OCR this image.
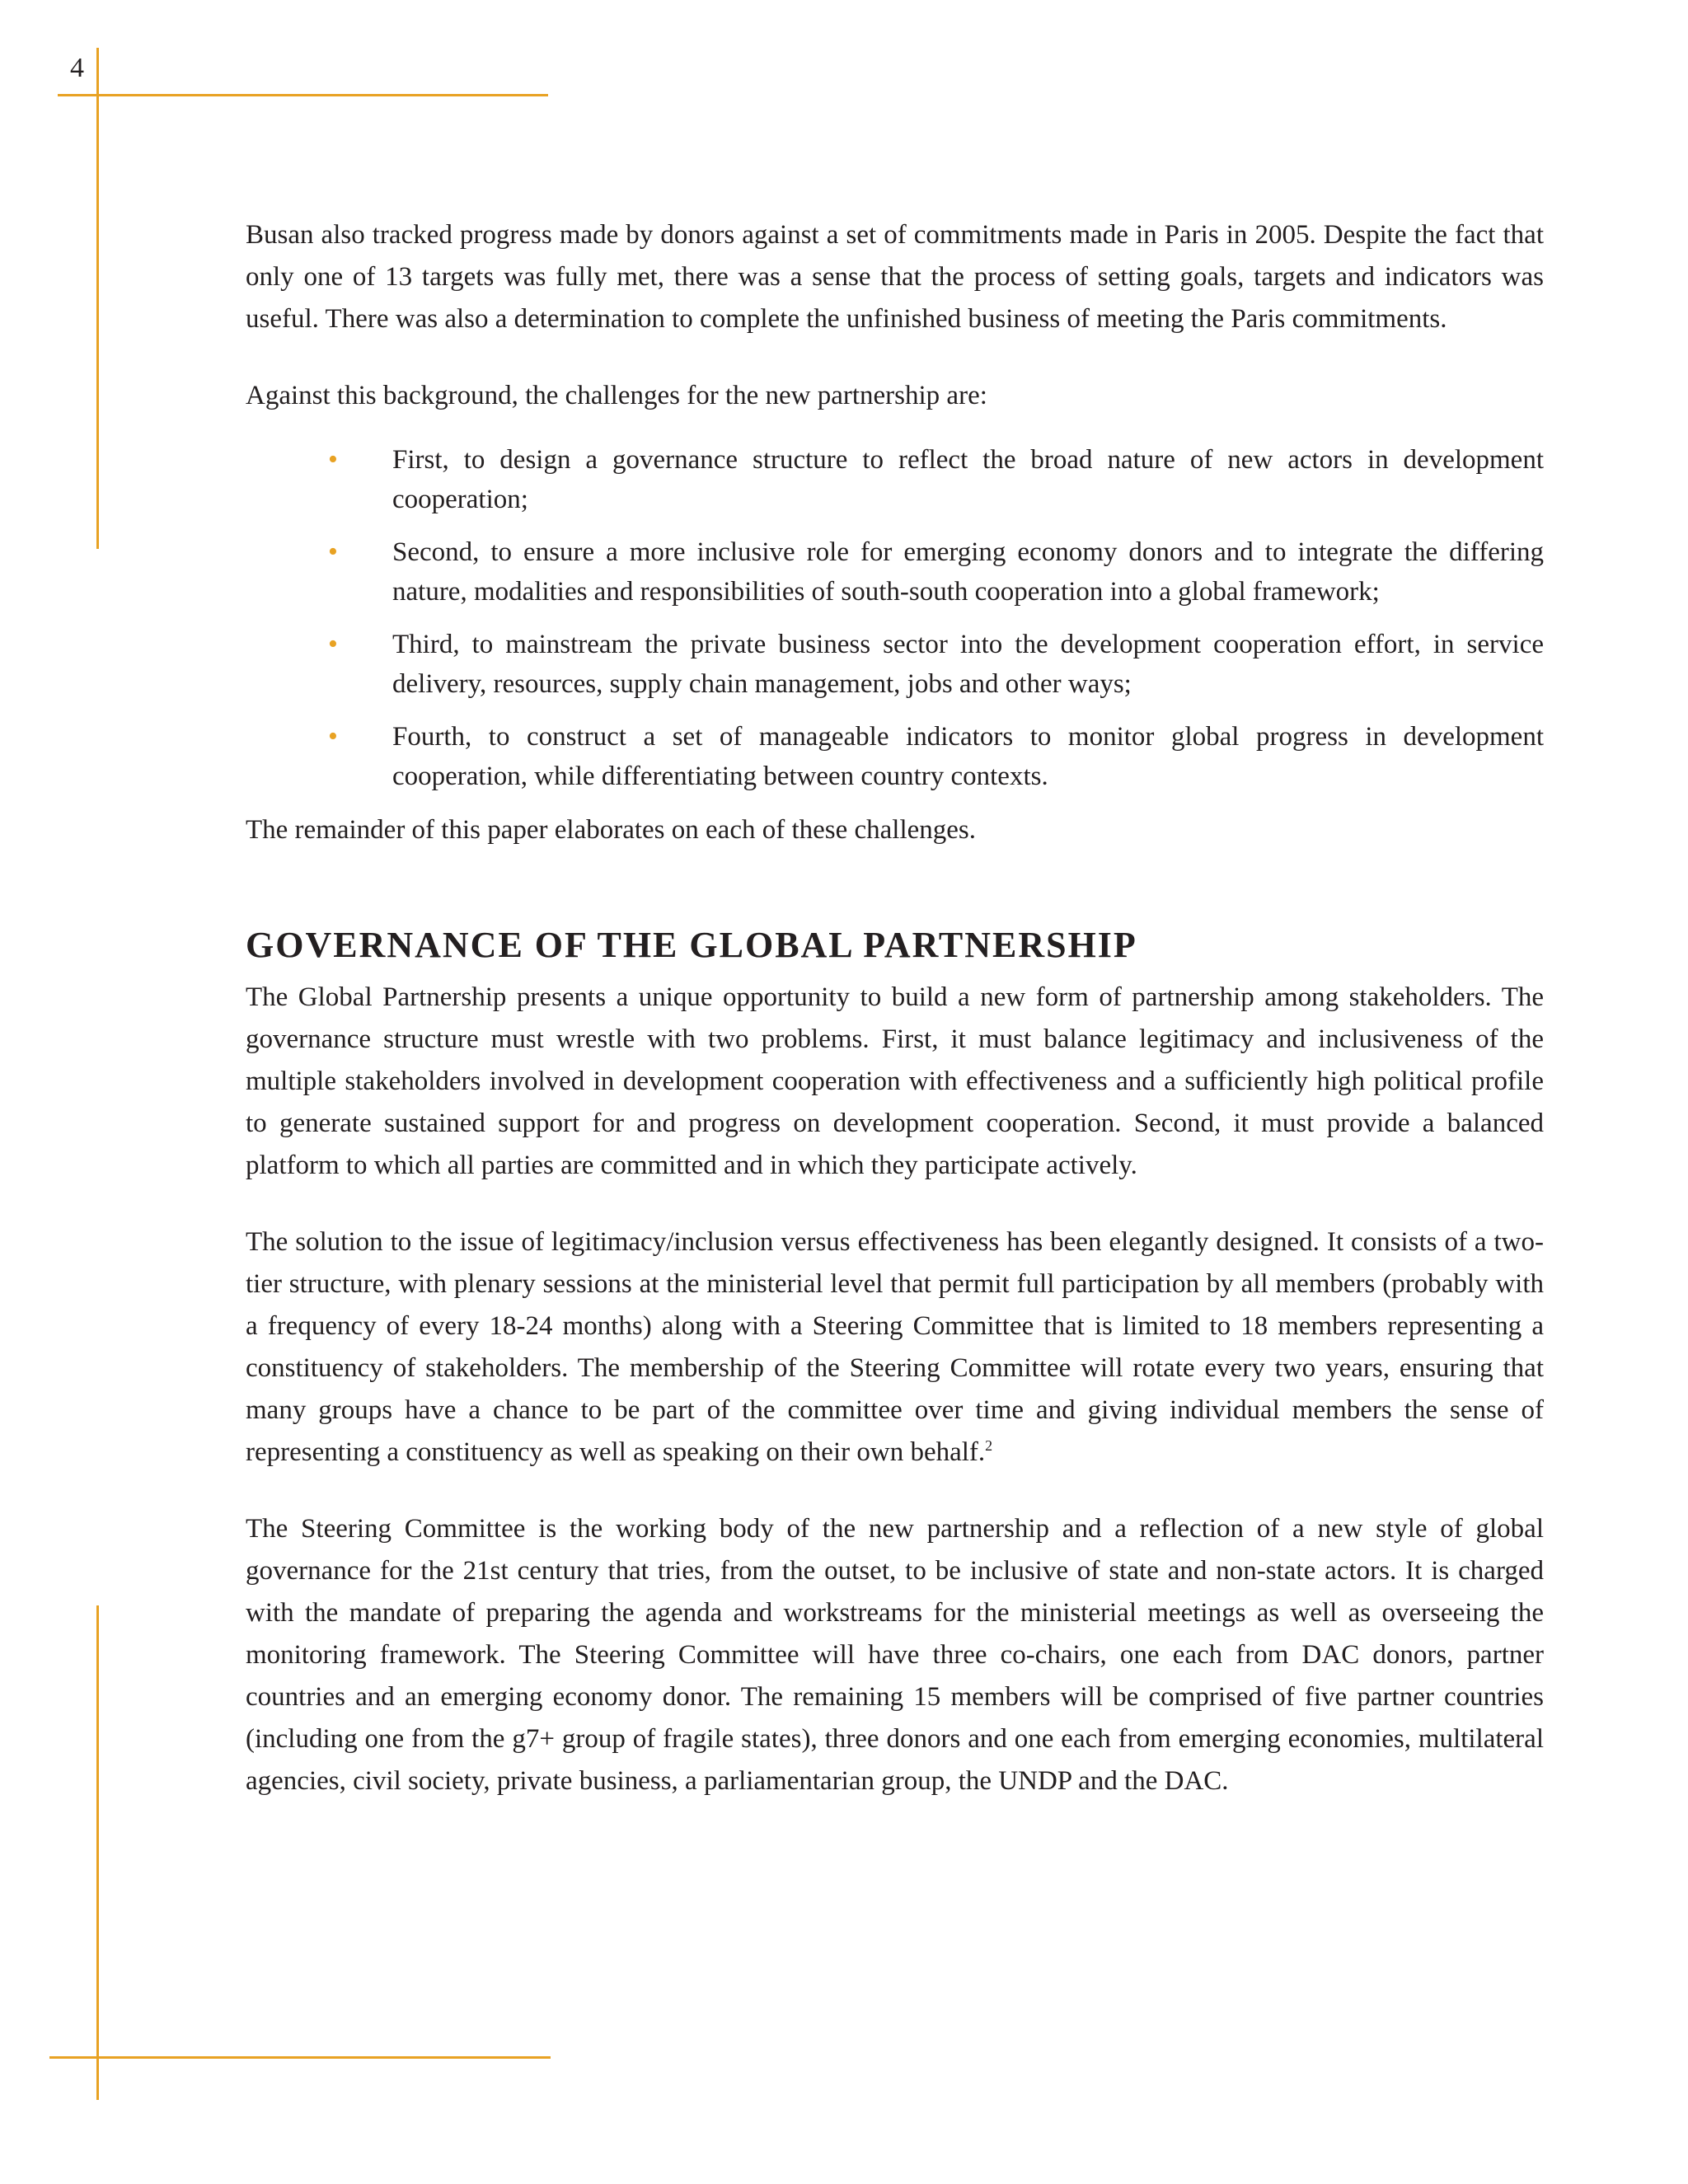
4

Busan also tracked progress made by donors against a set of commitments made in Paris in 2005. Despite the fact that only one of 13 targets was fully met, there was a sense that the process of setting goals, targets and indicators was useful. There was also a determination to complete the unfinished business of meeting the Paris commitments.

Against this background, the challenges for the new partnership are:

• First, to design a governance structure to reflect the broad nature of new actors in development cooperation;
• Second, to ensure a more inclusive role for emerging economy donors and to integrate the differing nature, modalities and responsibilities of south-south cooperation into a global framework;
• Third, to mainstream the private business sector into the development cooperation effort, in service delivery, resources, supply chain management, jobs and other ways;
• Fourth, to construct a set of manageable indicators to monitor global progress in development cooperation, while differentiating between country contexts.

The remainder of this paper elaborates on each of these challenges.

GOVERNANCE OF THE GLOBAL PARTNERSHIP

The Global Partnership presents a unique opportunity to build a new form of partnership among stakeholders. The governance structure must wrestle with two problems. First, it must balance legitimacy and inclusiveness of the multiple stakeholders involved in development cooperation with effectiveness and a sufficiently high political profile to generate sustained support for and progress on development cooperation. Second, it must provide a balanced platform to which all parties are committed and in which they participate actively.

The solution to the issue of legitimacy/inclusion versus effectiveness has been elegantly designed. It consists of a two-tier structure, with plenary sessions at the ministerial level that permit full participation by all members (probably with a frequency of every 18-24 months) along with a Steering Committee that is limited to 18 members representing a constituency of stakeholders. The membership of the Steering Committee will rotate every two years, ensuring that many groups have a chance to be part of the committee over time and giving individual members the sense of representing a constituency as well as speaking on their own behalf.$^2$

The Steering Committee is the working body of the new partnership and a reflection of a new style of global governance for the 21st century that tries, from the outset, to be inclusive of state and non-state actors. It is charged with the mandate of preparing the agenda and workstreams for the ministerial meetings as well as overseeing the monitoring framework. The Steering Committee will have three co-chairs, one each from DAC donors, partner countries and an emerging economy donor. The remaining 15 members will be comprised of five partner countries (including one from the g7+ group of fragile states), three donors and one each from emerging economies, multilateral agencies, civil society, private business, a parliamentarian group, the UNDP and the DAC.
